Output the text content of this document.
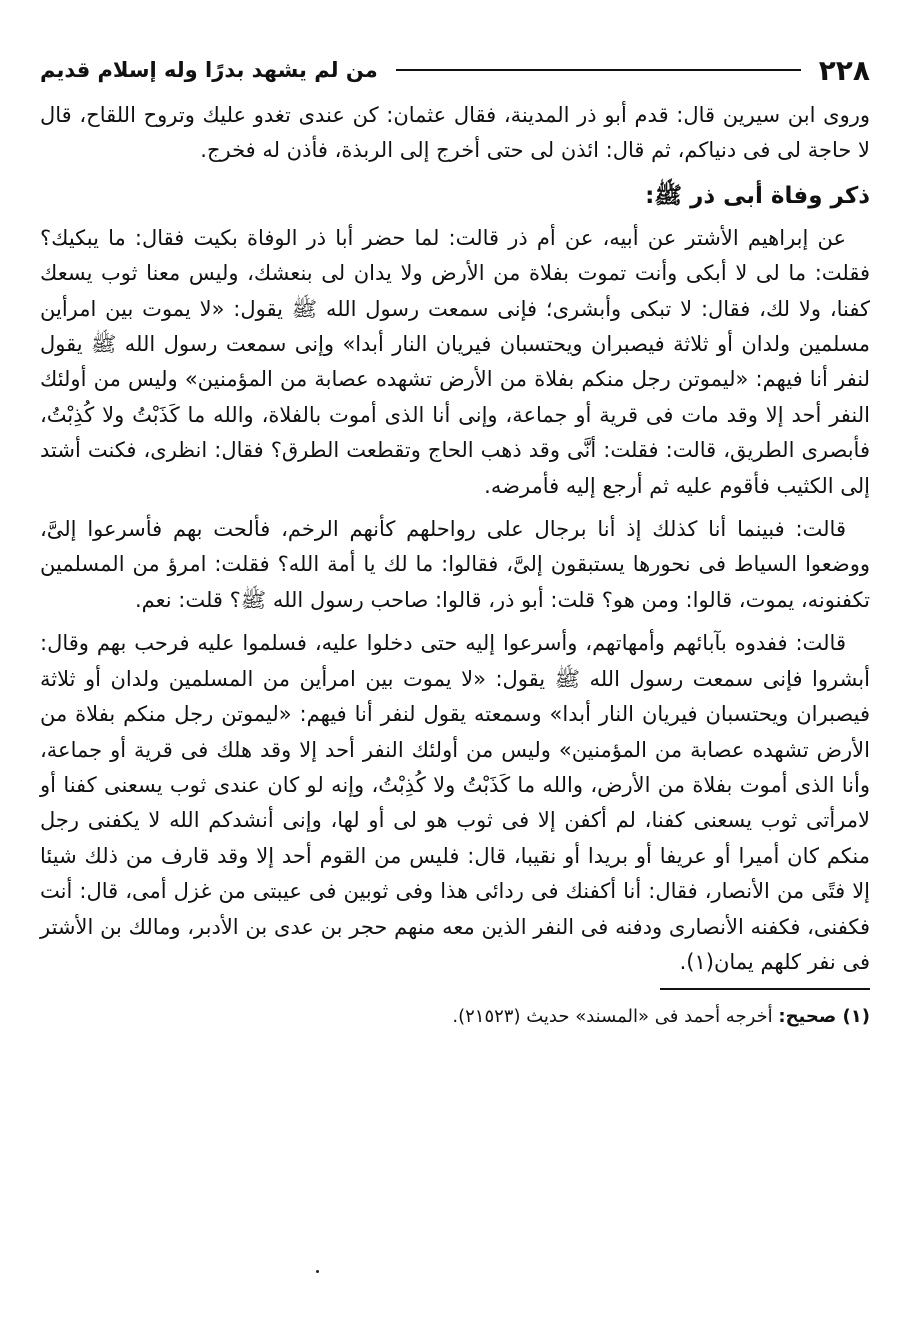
٢٢٨
من لم يشهد بدرًا وله إسلام قديم

وروى ابن سيرين قال: قدم أبو ذر المدينة، فقال عثمان: كن عندى تغدو عليك وتروح اللقاح، قال لا حاجة لى فى دنياكم، ثم قال: ائذن لى حتى أخرج إلى الربذة، فأذن له فخرج.

ذكر وفاة أبى ذر ﷺ:

عن إبراهيم الأشتر عن أبيه، عن أم ذر قالت: لما حضر أبا ذر الوفاة بكيت فقال: ما يبكيك؟ فقلت: ما لى لا أبكى وأنت تموت بفلاة من الأرض ولا يدان لى بنعشك، وليس معنا ثوب يسعك كفنا، ولا لك، فقال: لا تبكى وأبشرى؛ فإنى سمعت رسول الله ﷺ يقول: «لا يموت بين امرأين مسلمين ولدان أو ثلاثة فيصبران ويحتسبان فيريان النار أبدا» وإنى سمعت رسول الله ﷺ يقول لنفر أنا فيهم: «ليموتن رجل منكم بفلاة من الأرض تشهده عصابة من المؤمنين» وليس من أولئك النفر أحد إلا وقد مات فى قرية أو جماعة، وإنى أنا الذى أموت بالفلاة، والله ما كَذَبْتُ ولا كُذِبْتُ، فأبصرى الطريق، قالت: فقلت: أنَّى وقد ذهب الحاج وتقطعت الطرق؟ فقال: انظرى، فكنت أشتد إلى الكثيب فأقوم عليه ثم أرجع إليه فأمرضه.

قالت: فبينما أنا كذلك إذ أنا برجال على رواحلهم كأنهم الرخم، فألحت بهم فأسرعوا إلىَّ، ووضعوا السياط فى نحورها يستبقون إلىَّ، فقالوا: ما لك يا أمة الله؟ فقلت: امرؤ من المسلمين تكفنونه، يموت، قالوا: ومن هو؟ قلت: أبو ذر، قالوا: صاحب رسول الله ﷺ؟ قلت: نعم.

قالت: ففدوه بآبائهم وأمهاتهم، وأسرعوا إليه حتى دخلوا عليه، فسلموا عليه فرحب بهم وقال: أبشروا فإنى سمعت رسول الله ﷺ يقول: «لا يموت بين امرأين من المسلمين ولدان أو ثلاثة فيصبران ويحتسبان فيريان النار أبدا» وسمعته يقول لنفر أنا فيهم: «ليموتن رجل منكم بفلاة من الأرض تشهده عصابة من المؤمنين» وليس من أولئك النفر أحد إلا وقد هلك فى قرية أو جماعة، وأنا الذى أموت بفلاة من الأرض، والله ما كَذَبْتُ ولا كُذِبْتُ، وإنه لو كان عندى ثوب يسعنى كفنا أو لامرأتى ثوب يسعنى كفنا، لم أكفن إلا فى ثوب هو لى أو لها، وإنى أنشدكم الله لا يكفنى رجل منكم كان أميرا أو عريفا أو بريدا أو نقيبا، قال: فليس من القوم أحد إلا وقد قارف من ذلك شيئا إلا فتًى من الأنصار، فقال: أنا أكفنك فى ردائى هذا وفى ثوبين فى عيبتى من غزل أمى، قال: أنت فكفنى، فكفنه الأنصارى ودفنه فى النفر الذين معه منهم حجر بن عدى بن الأدبر، ومالك بن الأشتر فى نفر كلهم يمان(١).

(١) صحيح: أخرجه أحمد فى «المسند» حديث (٢١٥٢٣).
